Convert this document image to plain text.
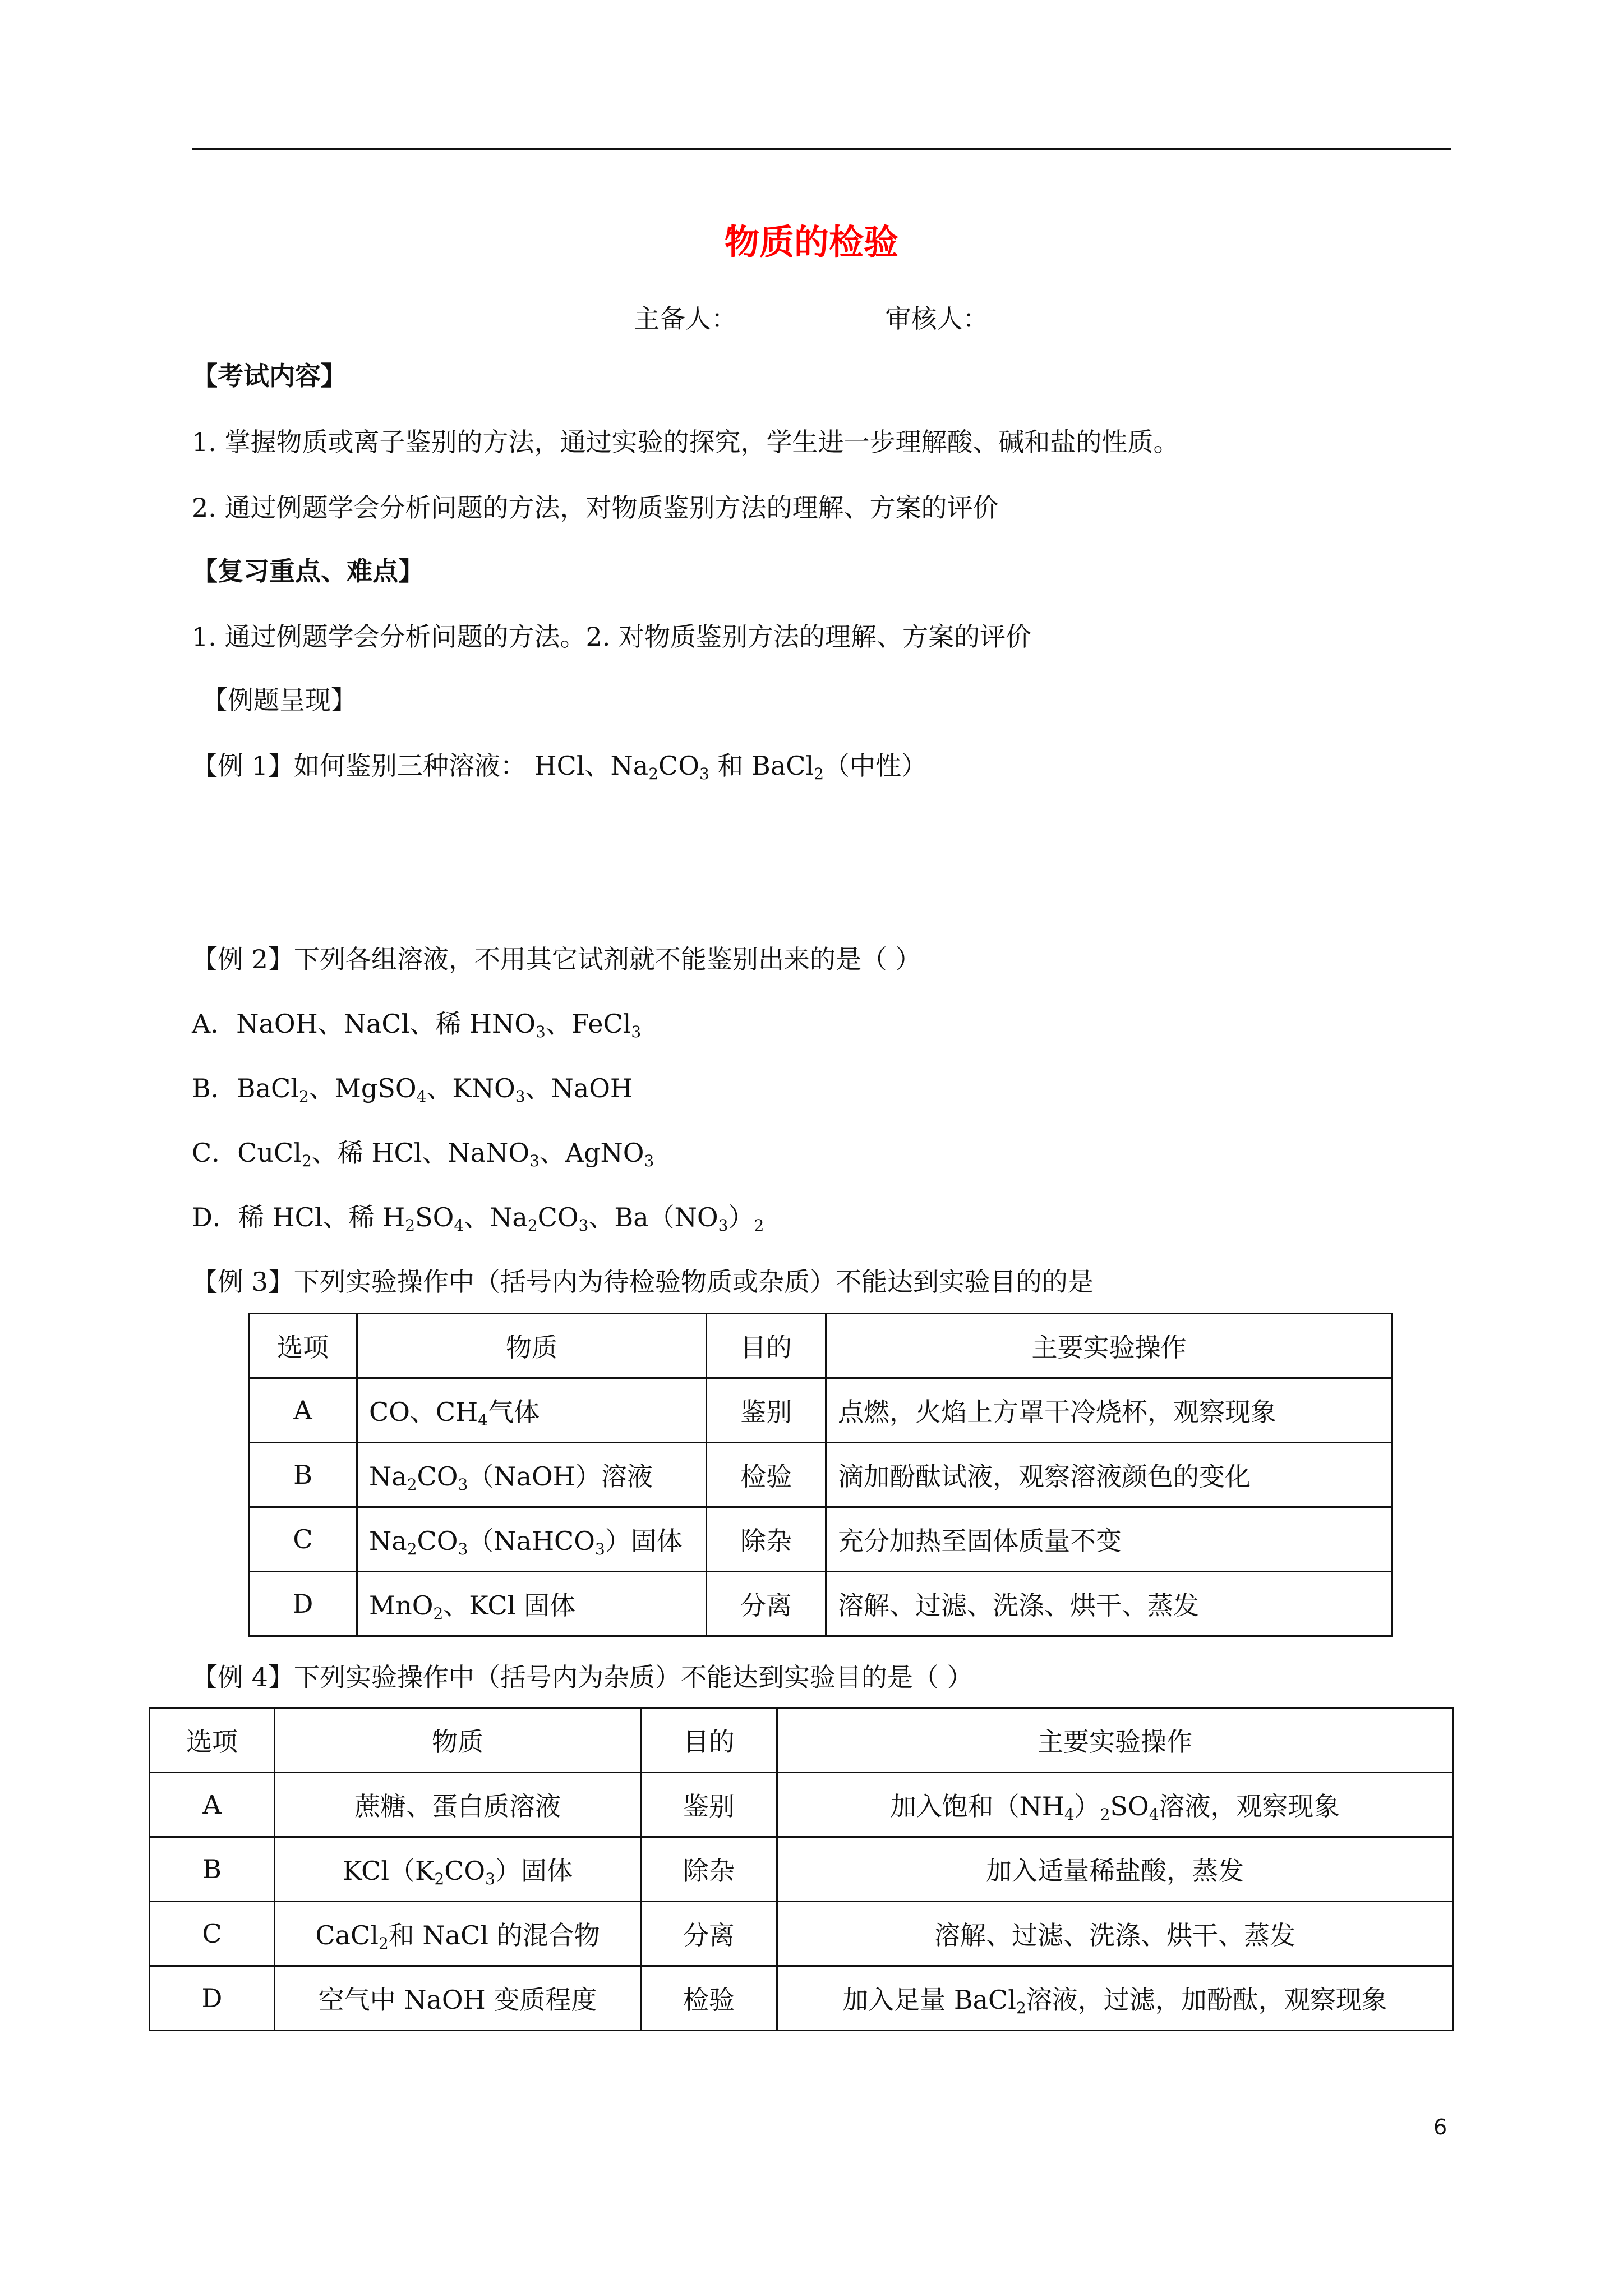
物质的检验
主备人：	审核人：
【考试内容】
1. 掌握物质或离子鉴别的方法，通过实验的探究，学生进一步理解酸、碱和盐的性质。
2. 通过例题学会分析问题的方法，对物质鉴别方法的理解、方案的评价
【复习重点、难点】
1. 通过例题学会分析问题的方法。2. 对物质鉴别方法的理解、方案的评价
【例题呈现】
【例 1】如何鉴别三种溶液： HCl、$Na_2CO_3$ 和 BaCl$_2$（中性）
【例 2】下列各组溶液，不用其它试剂就不能鉴别出来的是（ ）
A．NaOH、NaCl、稀 $HNO_3$、FeCl$_3$
B．BaCl$_2$、MgSO$_4$、$KNO_3$、NaOH
C．CuCl$_2$、稀 HCl、NaNO$_3$、AgNO$_3$
D．稀 HCl、稀 $H_2SO_4$、$Na_2CO_3$、$Ba(NO_3)_2$
【例 3】下列实验操作中（括号内为待检验物质或杂质）不能达到实验目的的是
选项	物质	目的	主要实验操作
A	CO、$CH_4$气体	鉴别	点燃，火焰上方罩干冷烧杯，观察现象
B	$Na_2CO_3(NaOH)$溶液	检验	滴加酚酞试液，观察溶液颜色的变化
C	$Na_2CO_3(NaHCO_3)$固体	除杂	充分加热至固体质量不变
D	MnO$_2$、KCl 固体	分离	溶解、过滤、洗涤、烘干、蒸发
【例 4】下列实验操作中（括号内为杂质）不能达到实验目的是（ ）
选项	物质	目的	主要实验操作
A	蔗糖、蛋白质溶液	鉴别	加入饱和$(NH_4)_2SO_4$溶液，观察现象
B	$KCl(K_2CO_3)$固体	除杂	加入适量稀盐酸，蒸发
C	CaCl$_2$和 NaCl 的混合物	分离	溶解、过滤、洗涤、烘干、蒸发
D	空气中 NaOH 变质程度	检验	加入足量 BaCl$_2$溶液，过滤，加酚酞，观察现象
6
